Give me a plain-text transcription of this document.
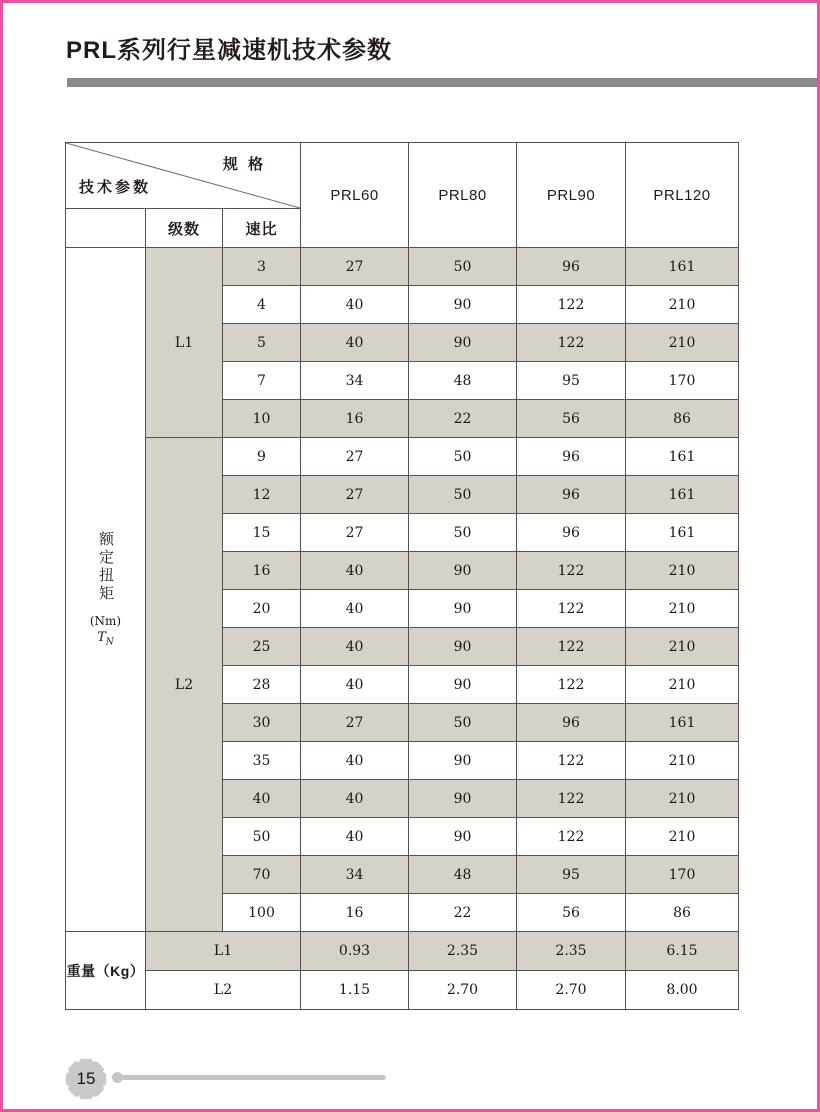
PRL系列行星减速机技术参数
规 格
技术参数			PRL60	PRL80	PRL90	PRL120
	级数	速比				
额定扭矩
(Nm)
$T_N$	L1	3	27	50	96	161
		4	40	90	122	210
		5	40	90	122	210
		7	34	48	95	170
		10	16	22	56	86
	L2	9	27	50	96	161
		12	27	50	96	161
		15	27	50	96	161
		16	40	90	122	210
		20	40	90	122	210
		25	40	90	122	210
		28	40	90	122	210
		30	27	50	96	161
		35	40	90	122	210
		40	40	90	122	210
		50	40	90	122	210
		70	34	48	95	170
		100	16	22	56	86
重量（Kg）	L1		0.93	2.35	2.35	6.15
	L2		1.15	2.70	2.70	8.00
15
